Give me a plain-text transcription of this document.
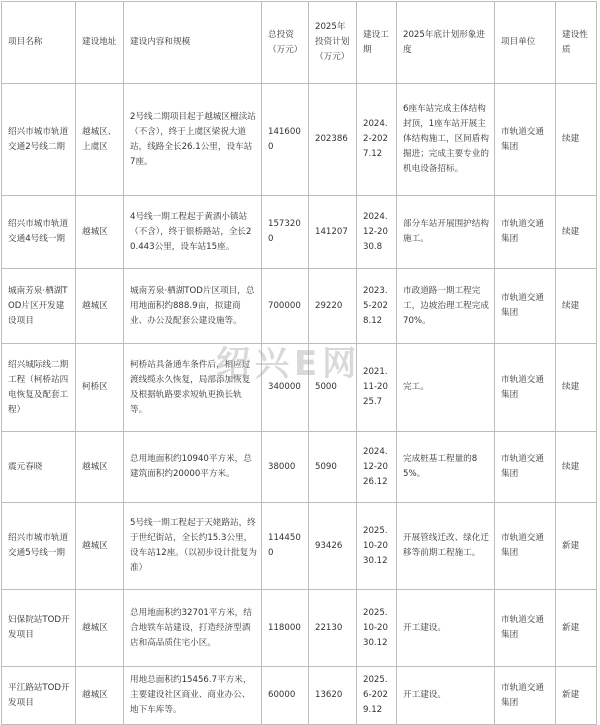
项目名称	建设地址	建设内容和规模	总投资（万元）	2025年投资计划（万元）	建设工期	2025年底计划形象进度	项目单位	建设性质
绍兴市城市轨道交通2号线二期	越城区、上虞区	2号线二期项目起于越城区檀渎站（不含），终于上虞区梁祝大道站，线路全长26.1公里，设车站7座。	1416000	202386	2024.2-2027.12	6座车站完成主体结构封顶，1座车站开展主体结构施工，区间盾构掘进；完成主要专业的机电设备招标。	市轨道交通集团	续建
绍兴市城市轨道交通4号线一期	越城区	4号线一期工程起于黄酒小镇站（不含），终于银桥路站，全长20.443公里，设车站15座。	1573200	141207	2024.12-2030.8	部分车站开展围护结构施工。	市轨道交通集团	续建
城南芳泉·栖湖TOD片区开发建设项目	越城区	城南芳泉·栖湖TOD片区项目，总用地面积约888.9亩，拟建商业、办公及配套公建设施等。	700000	29220	2023.5-2028.12	市政道路一期工程完工，边坡治理工程完成70%。	市轨道交通集团	续建
绍兴城际线二期工程（柯桥站四电恢复及配套工程）	柯桥区	柯桥站具备通车条件后，相应过渡线缆永久恢复，局部添加恢复及根据轨路要求短轨更换长轨等。	340000	5000	2021.11-2025.7	完工。	市轨道交通集团	续建
震元春晓	越城区	总用地面积约10940平方米，总建筑面积约20000平方米。	38000	5090	2024.12-2026.12	完成桩基工程量的85%。	市轨道交通集团	续建
绍兴市城市轨道交通5号线一期	越城区	5号线一期工程起于天姥路站，终于世纪街站，全长约15.3公里，设车站12座。（以初步设计批复为准）	1144500	93426	2025.10-2030.12	开展管线迁改、绿化迁移等前期工程施工。	市轨道交通集团	新建
妇保院站TOD开发项目	越城区	总用地面积约32701平方米，结合地铁车站建设，打造经济型酒店和高品质住宅小区。	118000	22130	2025.10-2030.12	开工建设。	市轨道交通集团	新建
平江路站TOD开发项目	越城区	用地总面积约15456.7平方米，主要建设社区商业、商业办公、地下车库等。	60000	13620	2025.6-2029.12	开工建设。	市轨道交通集团	新建
绍兴E网
